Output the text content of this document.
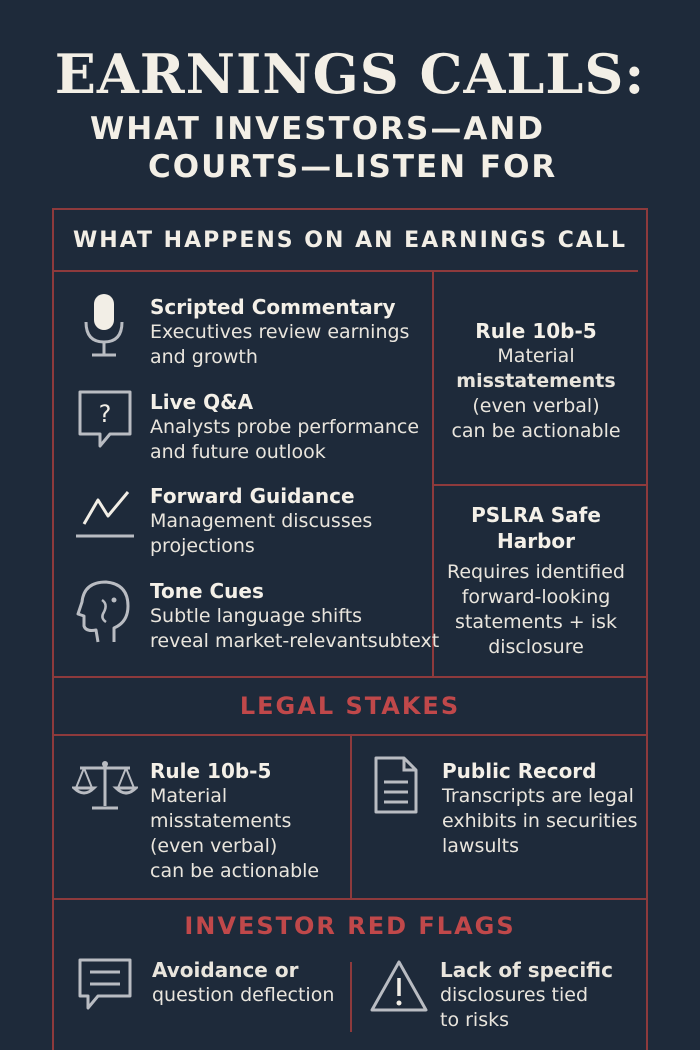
EARNINGS CALLS:
WHAT INVESTORS—AND
COURTS—LISTEN FOR
WHAT HAPPENS ON AN EARNINGS CALL
Scripted Commentary
Executives review earnings
and growth
? Live Q&A
Analysts probe performance
and future outlook
Forward Guidance
Management discusses
projections
Tone Cues
Subtle language shifts
reveal market-relevantsubtext
Rule 10b-5
Material
misstatements
(even verbal)
can be actionable
PSLRA Safe
Harbor
Requires identified
forward-looking
statements + isk
disclosure
LEGAL STAKES
Rule 10b-5
Material
misstatements
(even verbal)
can be actionable
Public Record
Transcripts are legal
exhibits in securities
lawsults
INVESTOR RED FLAGS
Avoidance or
question deflection
Lack of specific
disclosures tied
to risks
